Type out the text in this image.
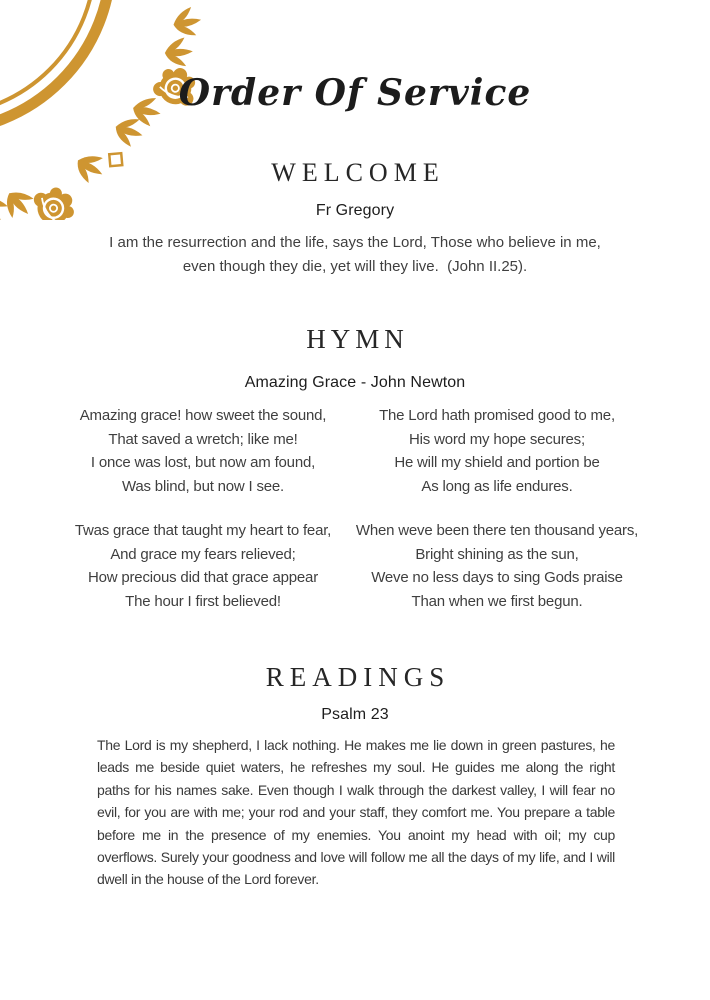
Order Of Service
WELCOME
Fr Gregory
I am the resurrection and the life, says the Lord, Those who believe in me,
even though they die, yet will they live.  (John II.25).
HYMN
Amazing Grace - John Newton
Amazing grace! how sweet the sound,
That saved a wretch; like me!
I once was lost, but now am found,
Was blind, but now I see.
Twas grace that taught my heart to fear,
And grace my fears relieved;
How precious did that grace appear
The hour I first believed!
The Lord hath promised good to me,
His word my hope secures;
He will my shield and portion be
As long as life endures.
When weve been there ten thousand years,
Bright shining as the sun,
Weve no less days to sing Gods praise
Than when we first begun.
READINGS
Psalm 23

The Lord is my shepherd, I lack nothing. He makes me lie down in green pastures, he leads me beside quiet waters, he refreshes my soul. He guides me along the right paths for his names sake. Even though I walk through the darkest valley, I will fear no evil, for you are with me; your rod and your staff, they comfort me. You prepare a table before me in the presence of my enemies. You anoint my head with oil; my cup overflows. Surely your goodness and love will follow me all the days of my life, and I will dwell in the house of the Lord forever.
